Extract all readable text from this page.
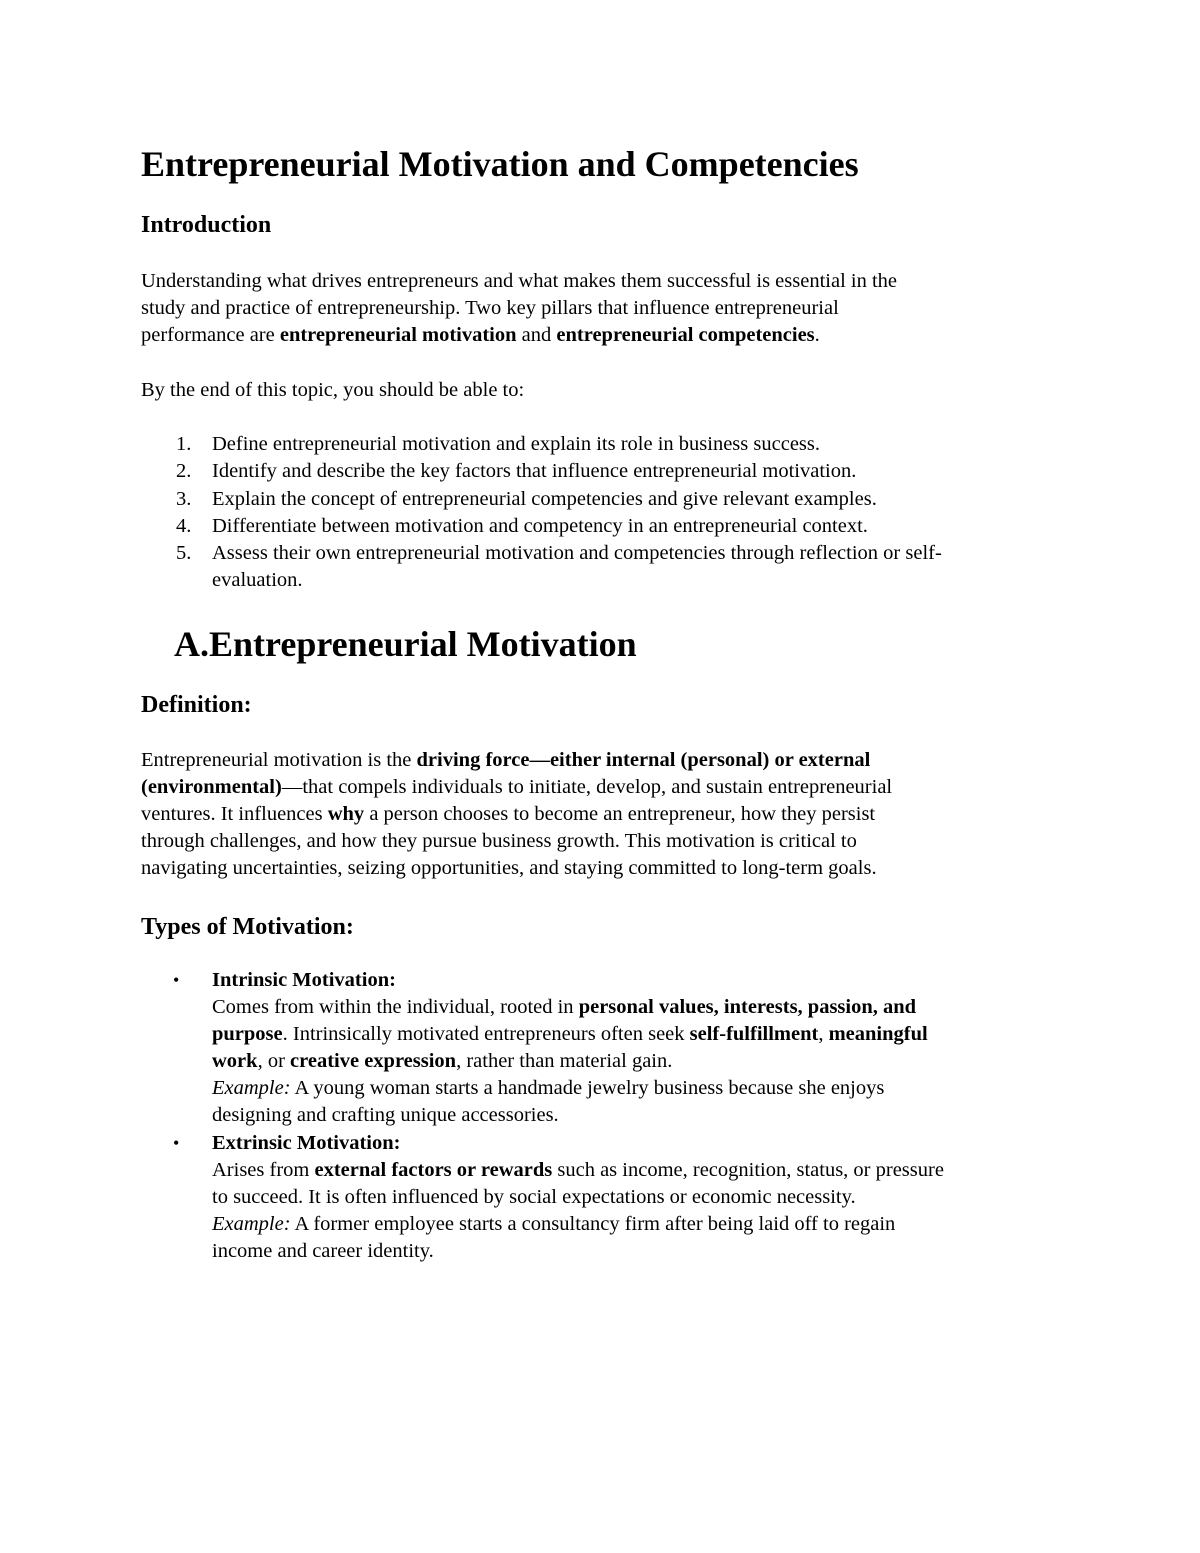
Entrepreneurial Motivation and Competencies
Introduction

Understanding what drives entrepreneurs and what makes them successful is essential in the
study and practice of entrepreneurship. Two key pillars that influence entrepreneurial
performance are entrepreneurial motivation and entrepreneurial competencies.

By the end of this topic, you should be able to:

1. Define entrepreneurial motivation and explain its role in business success.
2. Identify and describe the key factors that influence entrepreneurial motivation.
3. Explain the concept of entrepreneurial competencies and give relevant examples.
4. Differentiate between motivation and competency in an entrepreneurial context.
5. Assess their own entrepreneurial motivation and competencies through reflection or self-
evaluation.
A.Entrepreneurial Motivation
Definition:

Entrepreneurial motivation is the driving force—either internal (personal) or external
(environmental)—that compels individuals to initiate, develop, and sustain entrepreneurial
ventures. It influences why a person chooses to become an entrepreneur, how they persist
through challenges, and how they pursue business growth. This motivation is critical to
navigating uncertainties, seizing opportunities, and staying committed to long-term goals.

Types of Motivation:
• Intrinsic Motivation:
Comes from within the individual, rooted in personal values, interests, passion, and
purpose. Intrinsically motivated entrepreneurs often seek self-fulfillment, meaningful
work, or creative expression, rather than material gain.
Example: A young woman starts a handmade jewelry business because she enjoys
designing and crafting unique accessories.
• Extrinsic Motivation:
Arises from external factors or rewards such as income, recognition, status, or pressure
to succeed. It is often influenced by social expectations or economic necessity.
Example: A former employee starts a consultancy firm after being laid off to regain
income and career identity.
